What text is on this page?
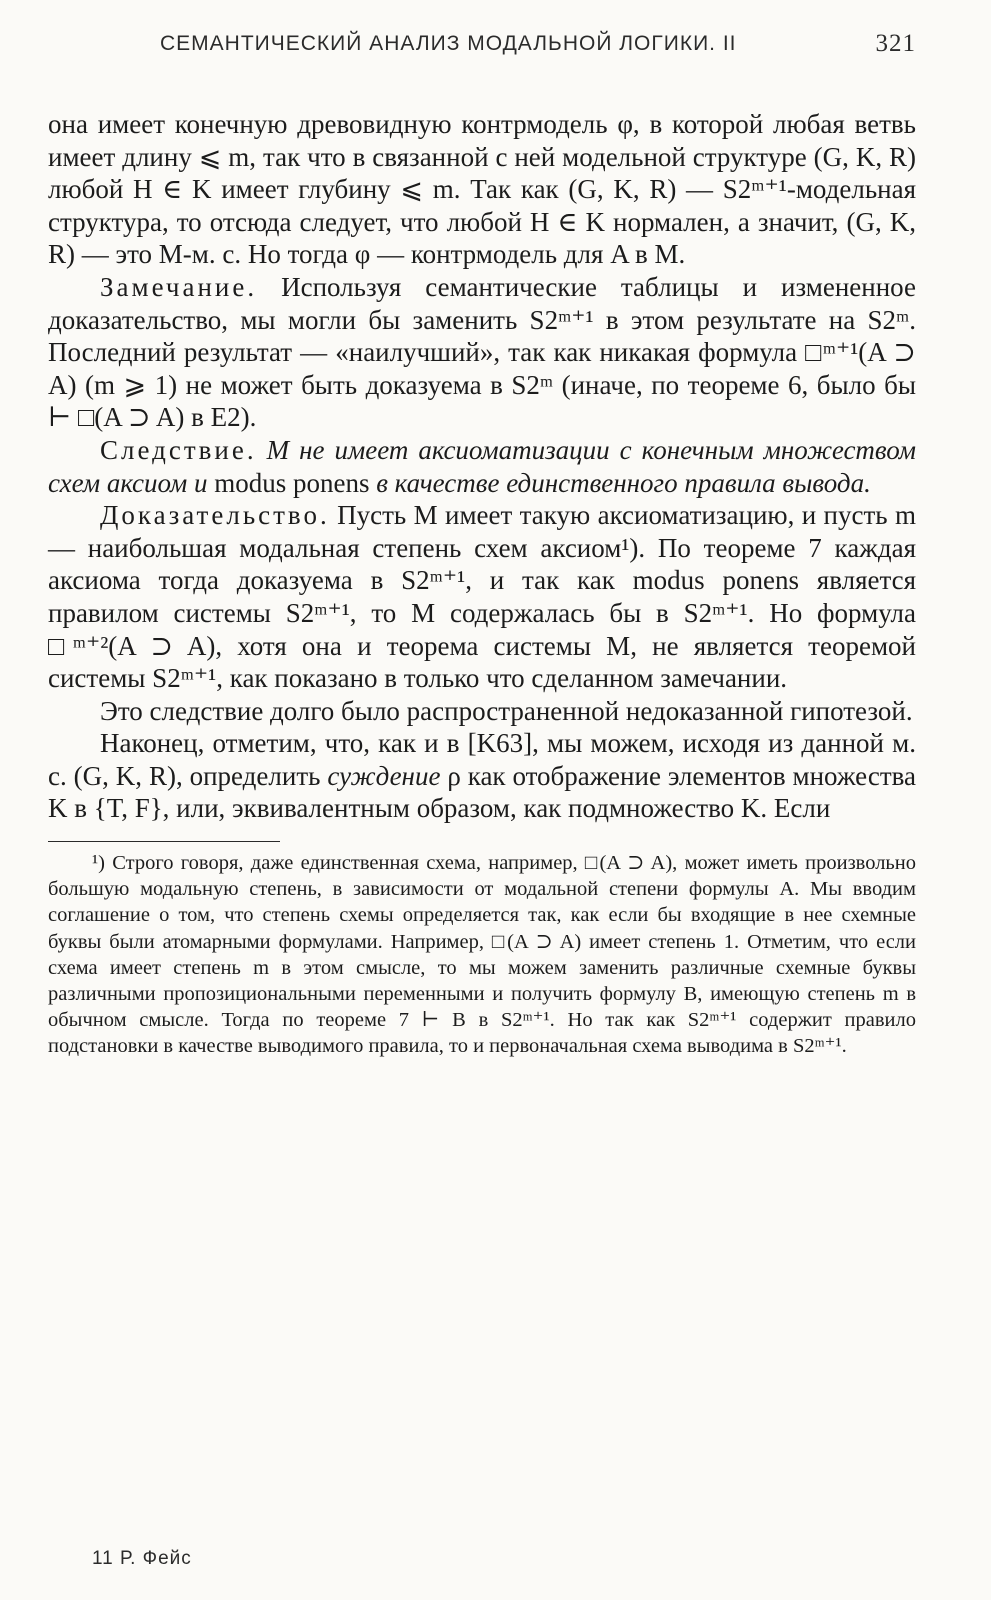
СЕМАНТИЧЕСКИЙ АНАЛИЗ МОДАЛЬНОЙ ЛОГИКИ. II	321

она имеет конечную древовидную контрмодель φ, в которой любая ветвь имеет длину ⩽ m, так что в связанной с ней модельной структуре (G, K, R) любой H ∈ K имеет глубину ⩽ m. Так как (G, K, R) — S2ᵐ⁺¹-модельная структура, то отсюда следует, что любой H ∈ K нормален, а значит, (G, K, R) — это M-м. с. Но тогда φ — контрмодель для A в M.

Замечание. Используя семантические таблицы и измененное доказательство, мы могли бы заменить S2ᵐ⁺¹ в этом результате на S2ᵐ. Последний результат — «наилучший», так как никакая формула □ᵐ⁺¹(A ⊃ A) (m ⩾ 1) не может быть доказуема в S2ᵐ (иначе, по теореме 6, было бы ⊢ □(A ⊃ A) в E2).

Следствие. M не имеет аксиоматизации с конечным множеством схем аксиом и modus ponens в качестве единственного правила вывода.

Доказательство. Пусть M имеет такую аксиоматизацию, и пусть m — наибольшая модальная степень схем аксиом¹). По теореме 7 каждая аксиома тогда доказуема в S2ᵐ⁺¹, и так как modus ponens является правилом системы S2ᵐ⁺¹, то M содержалась бы в S2ᵐ⁺¹. Но формула □ᵐ⁺²(A ⊃ A), хотя она и теорема системы M, не является теоремой системы S2ᵐ⁺¹, как показано в только что сделанном замечании.

Это следствие долго было распространенной недоказанной гипотезой.

Наконец, отметим, что, как и в [K63], мы можем, исходя из данной м. с. (G, K, R), определить суждение ρ как отображение элементов множества K в {T, F}, или, эквивалентным образом, как подмножество K. Если

¹) Строго говоря, даже единственная схема, например, □(A ⊃ A), может иметь произвольно большую модальную степень, в зависимости от модальной степени формулы A. Мы вводим соглашение о том, что степень схемы определяется так, как если бы входящие в нее схемные буквы были атомарными формулами. Например, □(A ⊃ A) имеет степень 1. Отметим, что если схема имеет степень m в этом смысле, то мы можем заменить различные схемные буквы различными пропозициональными переменными и получить формулу B, имеющую степень m в обычном смысле. Тогда по теореме 7 ⊢ B в S2ᵐ⁺¹. Но так как S2ᵐ⁺¹ содержит правило подстановки в качестве выводимого правила, то и первоначальная схема выводима в S2ᵐ⁺¹.

11 Р. Фейс
